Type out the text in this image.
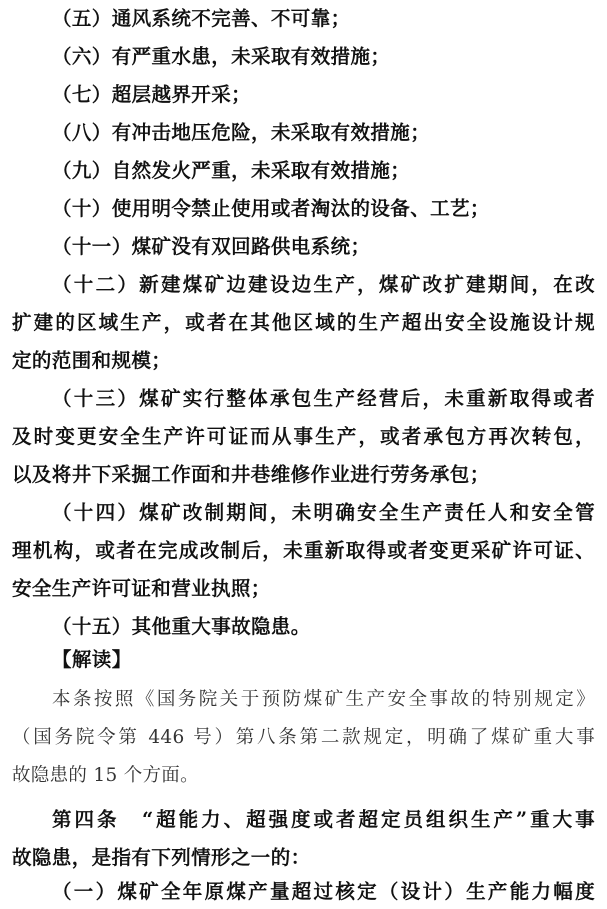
（五）通风系统不完善、不可靠；
（六）有严重水患，未采取有效措施；
（七）超层越界开采；
（八）有冲击地压危险，未采取有效措施；
（九）自然发火严重，未采取有效措施；
（十）使用明令禁止使用或者淘汰的设备、工艺；
（十一）煤矿没有双回路供电系统；
（十二）新建煤矿边建设边生产，煤矿改扩建期间，在改
扩建的区域生产，或者在其他区域的生产超出安全设施设计规
定的范围和规模；
（十三）煤矿实行整体承包生产经营后，未重新取得或者
及时变更安全生产许可证而从事生产，或者承包方再次转包，
以及将井下采掘工作面和井巷维修作业进行劳务承包；
（十四）煤矿改制期间，未明确安全生产责任人和安全管
理机构，或者在完成改制后，未重新取得或者变更采矿许可证、
安全生产许可证和营业执照；
（十五）其他重大事故隐患。
【解读】
本条按照《国务院关于预防煤矿生产安全事故的特别规定》
（国务院令第 446 号）第八条第二款规定，明确了煤矿重大事
故隐患的 15 个方面。
第四条　“超能力、超强度或者超定员组织生产”重大事
故隐患，是指有下列情形之一的：
（一）煤矿全年原煤产量超过核定（设计）生产能力幅度
